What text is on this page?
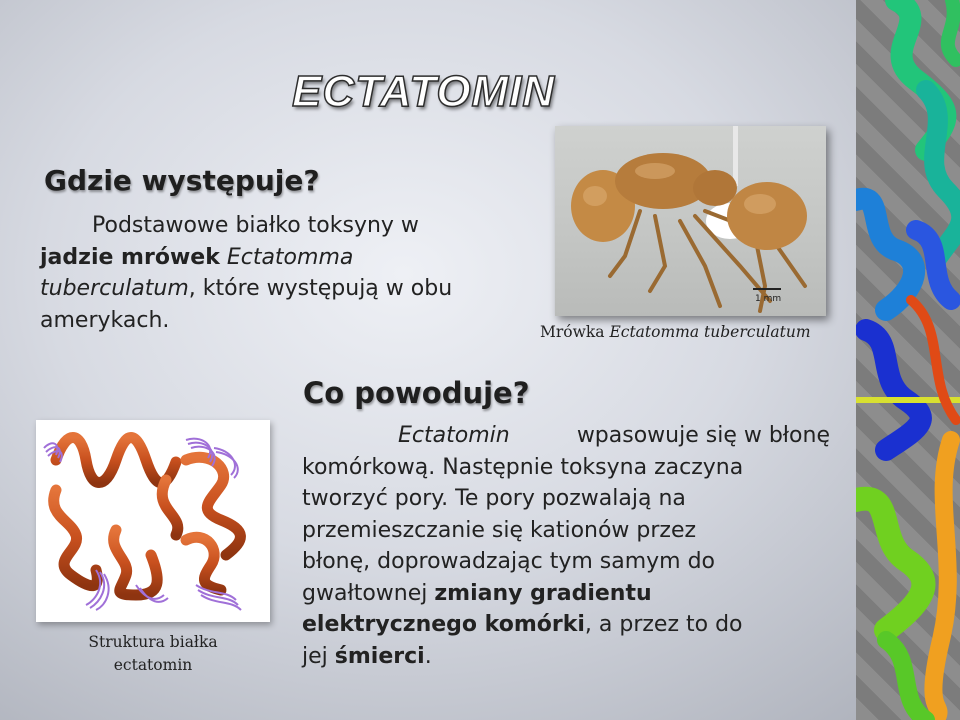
ECTATOMIN
Gdzie występuje?
Podstawowe białko toksyny w
jadzie mrówek Ectatomma
tuberculatum, które występują w obu
amerykach.
1 mm
Mrówka Ectatomma tuberculatum
Co powoduje?
Ectatomin	wpasowuje się w błonę
komórkową. Następnie toksyna zaczyna
tworzyć pory. Te pory pozwalają na
przemieszczanie się kationów przez
błonę, doprowadzając tym samym do
gwałtownej zmiany gradientu
elektrycznego komórki, a przez to do
jej śmierci.
Struktura białka
ectatomin
